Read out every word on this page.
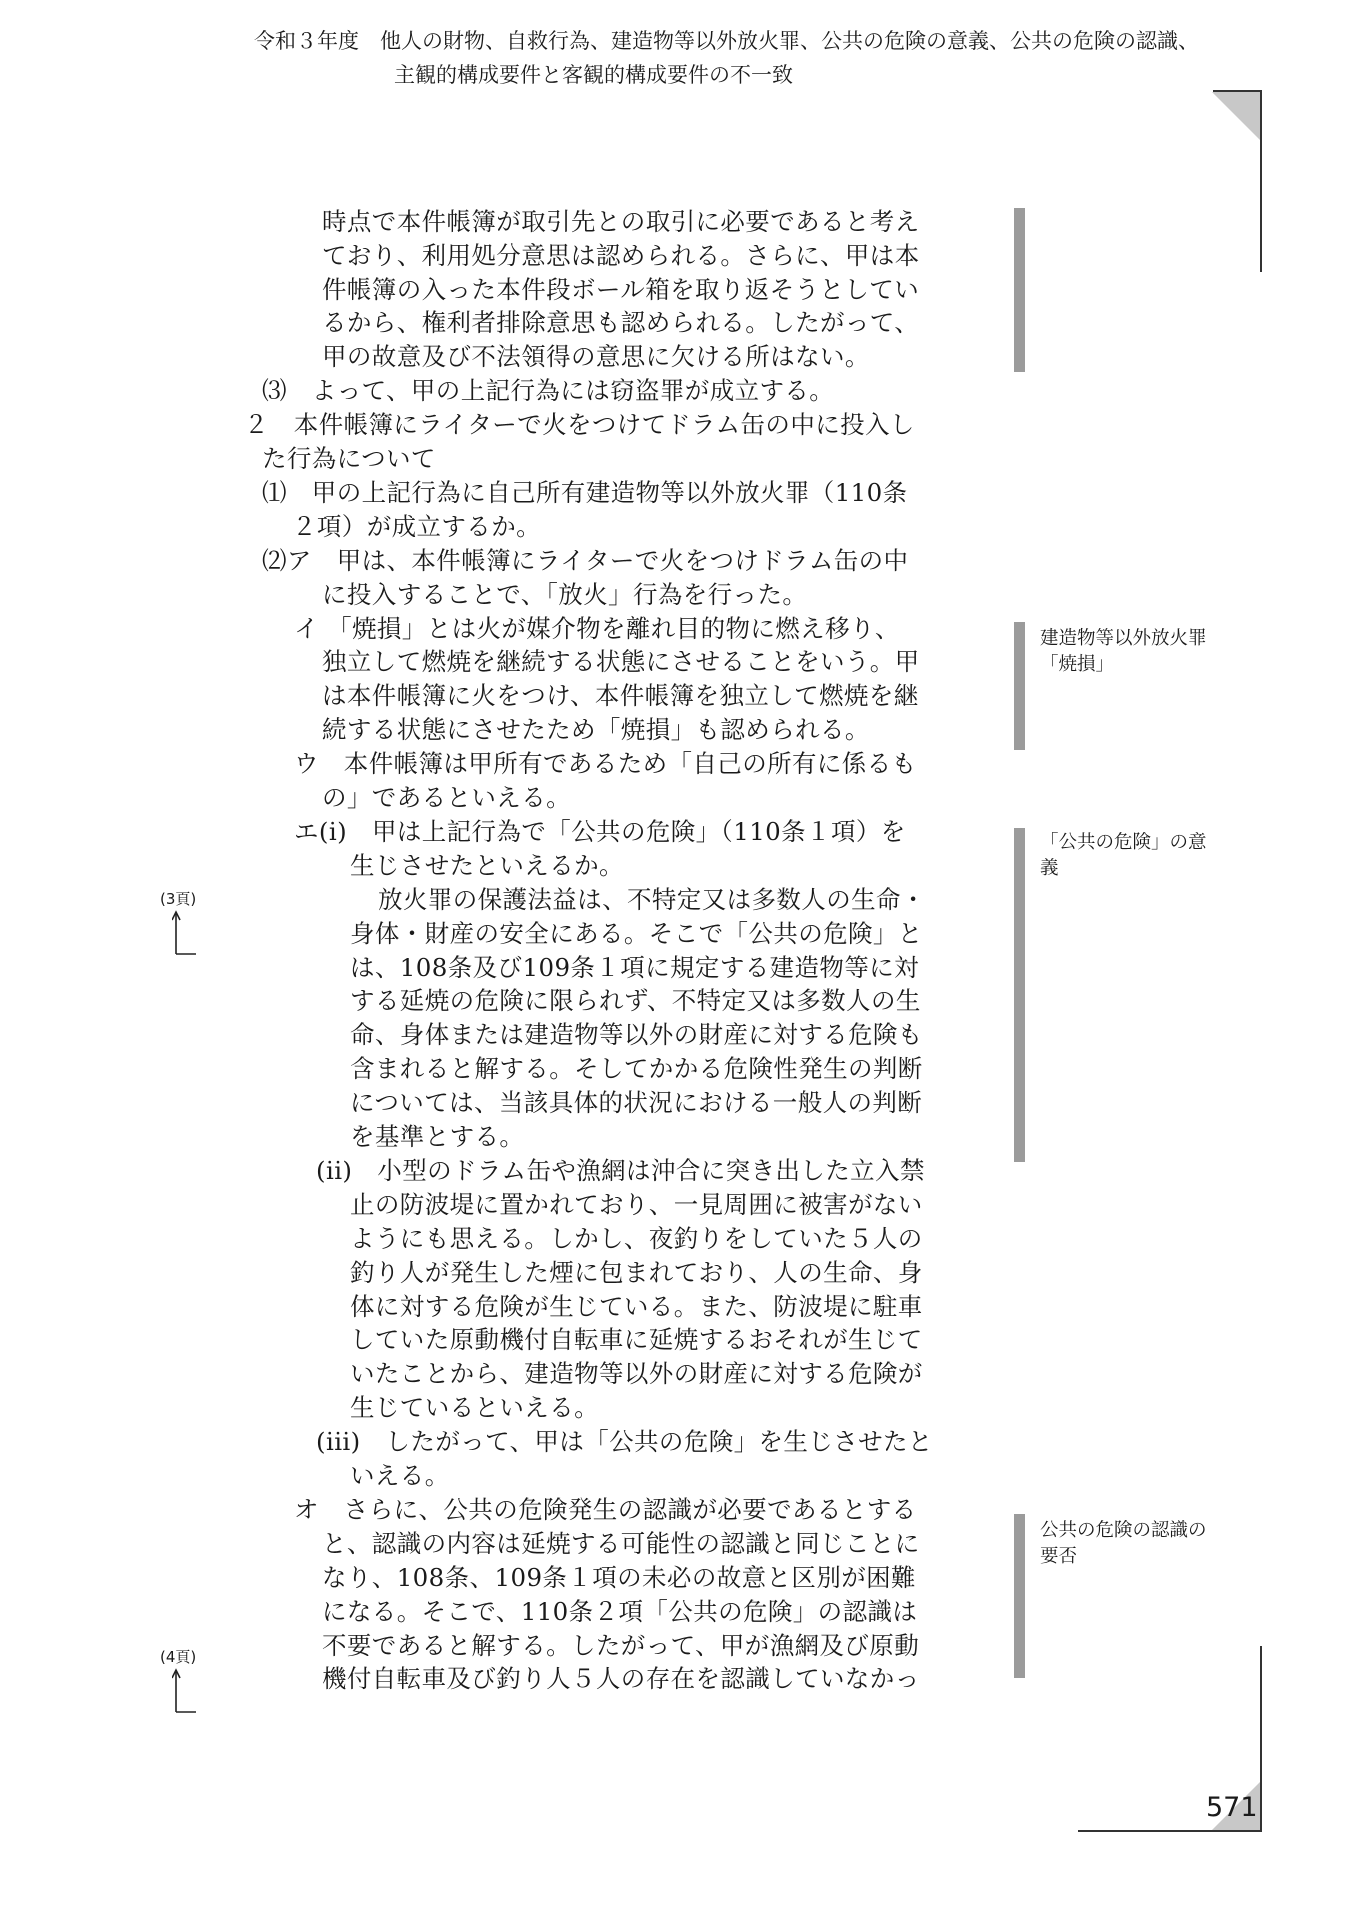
令和３年度　他人の財物、自救行為、建造物等以外放火罪、公共の危険の意義、公共の危険の認識、
主観的構成要件と客観的構成要件の不一致
時点で本件帳簿が取引先との取引に必要であると考え
ており、利用処分意思は認められる。さらに、甲は本
件帳簿の入った本件段ボール箱を取り返そうとしてい
るから、権利者排除意思も認められる。したがって、
甲の故意及び不法領得の意思に欠ける所はない。
⑶　よって、甲の上記行為には窃盗罪が成立する。
２　本件帳簿にライターで火をつけてドラム缶の中に投入し
た行為について
⑴　甲の上記行為に自己所有建造物等以外放火罪（110条
２項）が成立するか。
⑵ア　甲は、本件帳簿にライターで火をつけドラム缶の中
に投入することで、「放火」行為を行った。
イ 「焼損」とは火が媒介物を離れ目的物に燃え移り、
独立して燃焼を継続する状態にさせることをいう。甲
は本件帳簿に火をつけ、本件帳簿を独立して燃焼を継
続する状態にさせたため「焼損」も認められる。
ウ　本件帳簿は甲所有であるため「自己の所有に係るも
の」であるといえる。
エ(i)　甲は上記行為で「公共の危険」（110条１項）を
生じさせたといえるか。
放火罪の保護法益は、不特定又は多数人の生命・
身体・財産の安全にある。そこで「公共の危険」と
は、108条及び109条１項に規定する建造物等に対
する延焼の危険に限られず、不特定又は多数人の生
命、身体または建造物等以外の財産に対する危険も
含まれると解する。そしてかかる危険性発生の判断
については、当該具体的状況における一般人の判断
を基準とする。
(ii)　小型のドラム缶や漁網は沖合に突き出した立入禁
止の防波堤に置かれており、一見周囲に被害がない
ようにも思える。しかし、夜釣りをしていた５人の
釣り人が発生した煙に包まれており、人の生命、身
体に対する危険が生じている。また、防波堤に駐車
していた原動機付自転車に延焼するおそれが生じて
いたことから、建造物等以外の財産に対する危険が
生じているといえる。
(iii)　したがって、甲は「公共の危険」を生じさせたと
いえる。
オ　さらに、公共の危険発生の認識が必要であるとする
と、認識の内容は延焼する可能性の認識と同じことに
なり、108条、109条１項の未必の故意と区別が困難
になる。そこで、110条２項「公共の危険」の認識は
不要であると解する。したがって、甲が漁網及び原動
機付自転車及び釣り人５人の存在を認識していなかっ
建造物等以外放火罪
「焼損」
「公共の危険」の意
義
公共の危険の認識の
要否
(3頁)
(4頁)
571
